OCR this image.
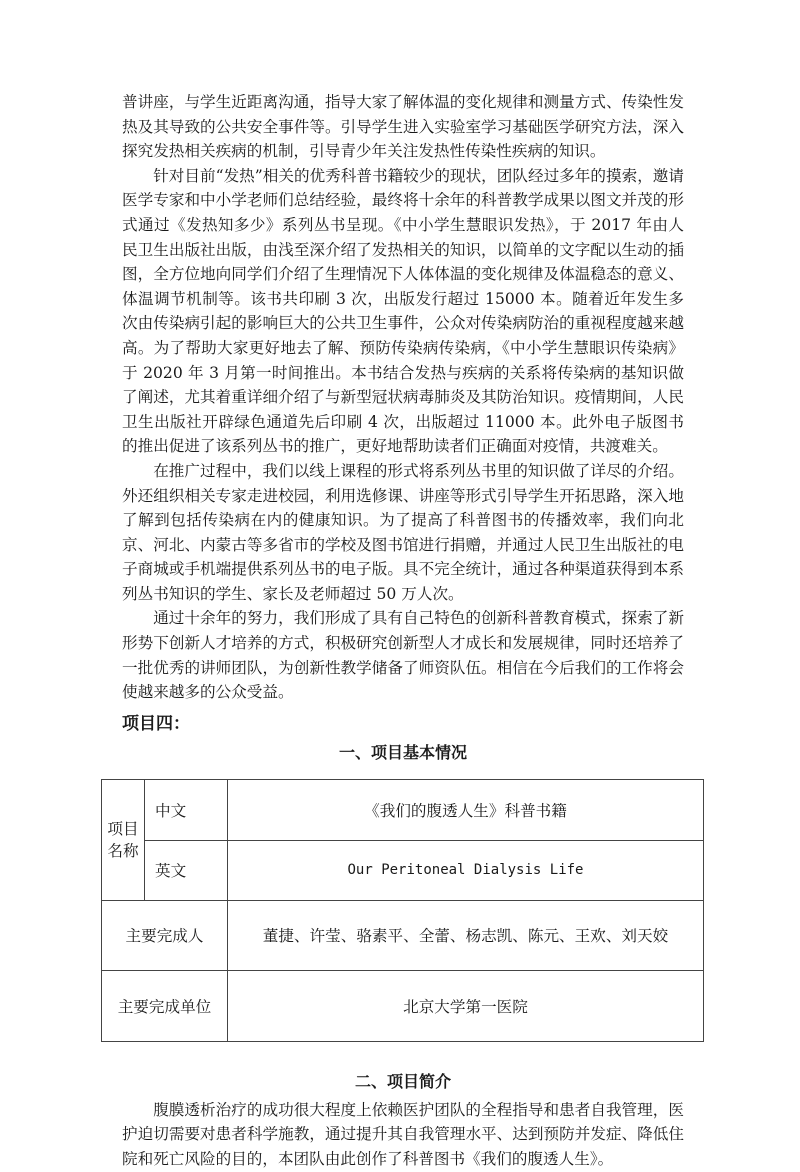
普讲座，与学生近距离沟通，指导大家了解体温的变化规律和测量方式、传染性发热及其导致的公共安全事件等。引导学生进入实验室学习基础医学研究方法，深入探究发热相关疾病的机制，引导青少年关注发热性传染性疾病的知识。

针对目前“发热”相关的优秀科普书籍较少的现状，团队经过多年的摸索，邀请医学专家和中小学老师们总结经验，最终将十余年的科普教学成果以图文并茂的形式通过《发热知多少》系列丛书呈现。《中小学生慧眼识发热》，于 2017 年由人民卫生出版社出版，由浅至深介绍了发热相关的知识，以简单的文字配以生动的插图，全方位地向同学们介绍了生理情况下人体体温的变化规律及体温稳态的意义、体温调节机制等。该书共印刷 3 次，出版发行超过 15000 本。随着近年发生多次由传染病引起的影响巨大的公共卫生事件，公众对传染病防治的重视程度越来越高。为了帮助大家更好地去了解、预防传染病传染病，《中小学生慧眼识传染病》于 2020 年 3 月第一时间推出。本书结合发热与疾病的关系将传染病的基知识做了阐述，尤其着重详细介绍了与新型冠状病毒肺炎及其防治知识。疫情期间，人民卫生出版社开辟绿色通道先后印刷 4 次，出版超过 11000 本。此外电子版图书的推出促进了该系列丛书的推广，更好地帮助读者们正确面对疫情，共渡难关。

在推广过程中，我们以线上课程的形式将系列丛书里的知识做了详尽的介绍。外还组织相关专家走进校园，利用选修课、讲座等形式引导学生开拓思路，深入地了解到包括传染病在内的健康知识。为了提高了科普图书的传播效率，我们向北京、河北、内蒙古等多省市的学校及图书馆进行捐赠，并通过人民卫生出版社的电子商城或手机端提供系列丛书的电子版。具不完全统计，通过各种渠道获得到本系列丛书知识的学生、家长及老师超过 50 万人次。

通过十余年的努力，我们形成了具有自己特色的创新科普教育模式，探索了新形势下创新人才培养的方式，积极研究创新型人才成长和发展规律，同时还培养了一批优秀的讲师团队，为创新性教学储备了师资队伍。相信在今后我们的工作将会使越来越多的公众受益。

项目四：
一、项目基本情况
项目名称	中文	《我们的腹透人生》科普书籍
	英文	Our Peritoneal Dialysis Life
主要完成人		董捷、许莹、骆素平、全蕾、杨志凯、陈元、王欢、刘天姣
主要完成单位		北京大学第一医院
二、项目简介

腹膜透析治疗的成功很大程度上依赖医护团队的全程指导和患者自我管理，医护迫切需要对患者科学施教，通过提升其自我管理水平、达到预防并发症、降低住院和死亡风险的目的，本团队由此创作了科普图书《我们的腹透人生》。
